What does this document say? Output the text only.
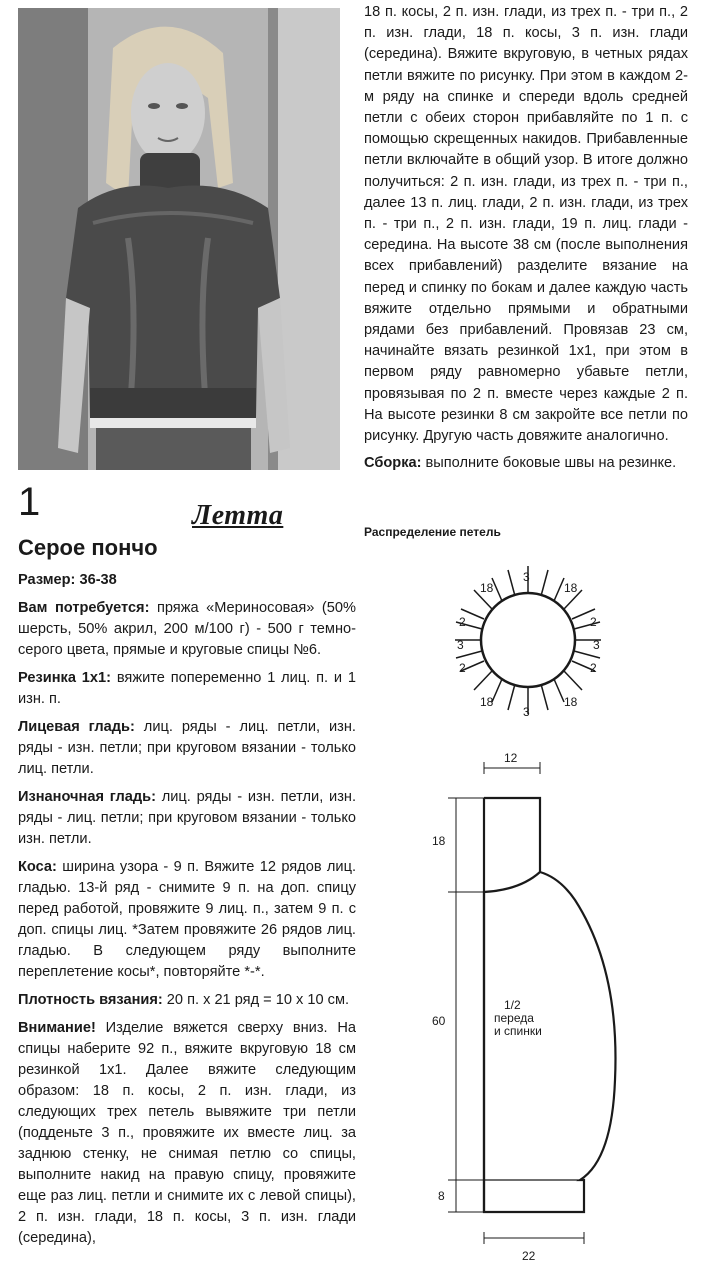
1	Летта
Серое пончо

Размер: 36-38

Вам потребуется: пряжа «Мериносовая» (50% шерсть, 50% акрил, 200 м/100 г) - 500 г темно-серого цвета, прямые и круговые спицы №6.

Резинка 1х1: вяжите попеременно 1 лиц. п. и 1 изн. п.

Лицевая гладь: лиц. ряды - лиц. петли, изн. ряды - изн. петли; при круговом вязании - только лиц. петли.

Изнаночная гладь: лиц. ряды - изн. петли, изн. ряды - лиц. петли; при круговом вязании - только изн. петли.

Коса: ширина узора - 9 п. Вяжите 12 рядов лиц. гладью. 13-й ряд - снимите 9 п. на доп. спицу перед работой, провяжите 9 лиц. п., затем 9 п. с доп. спицы лиц. *Затем провяжите 26 рядов лиц. гладью. В следующем ряду выполните переплетение косы*, повторяйте *-*.

Плотность вязания: 20 п. х 21 ряд = 10 х 10 см.

Внимание! Изделие вяжется сверху вниз. На спицы наберите 92 п., вяжите вкруговую 18 см резинкой 1х1. Далее вяжите следующим образом: 18 п. косы, 2 п. изн. глади, из следующих трех петель вывяжите три петли (подденьте 3 п., провяжите их вместе лиц. за заднюю стенку, не снимая петлю со спицы, выполните накид на правую спицу, провяжите еще раз лиц. петли и снимите их с левой спицы), 2 п. изн. глади, 18 п. косы, 3 п. изн. глади (середина),

18 п. косы, 2 п. изн. глади, из трех п. - три п., 2 п. изн. глади, 18 п. косы, 3 п. изн. глади (середина). Вяжите вкруговую, в четных рядах петли вяжите по рисунку. При этом в каждом 2-м ряду на спинке и спереди вдоль средней петли с обеих сторон прибавляйте по 1 п. с помощью скрещенных накидов. Прибавленные петли включайте в общий узор. В итоге должно получиться: 2 п. изн. глади, из трех п. - три п., далее 13 п. лиц. глади, 2 п. изн. глади, из трех п. - три п., 2 п. изн. глади, 19 п. лиц. глади - середина. На высоте 38 см (после выполнения всех прибавлений) разделите вязание на перед и спинку по бокам и далее каждую часть вяжите отдельно прямыми и обратными рядами без прибавлений. Провязав 23 см, начинайте вязать резинкой 1х1, при этом в первом ряду равномерно убавьте петли, провязывая по 2 п. вместе через каждые 2 п. На высоте резинки 8 см закройте все петли по рисунку. Другую часть довяжите аналогично.

Сборка: выполните боковые швы на резинке.

Распределение петель
18
3
18
2	2
3	3
2	2
18
3
18
12
18
60
8
22
1/2
переда
и спинки
